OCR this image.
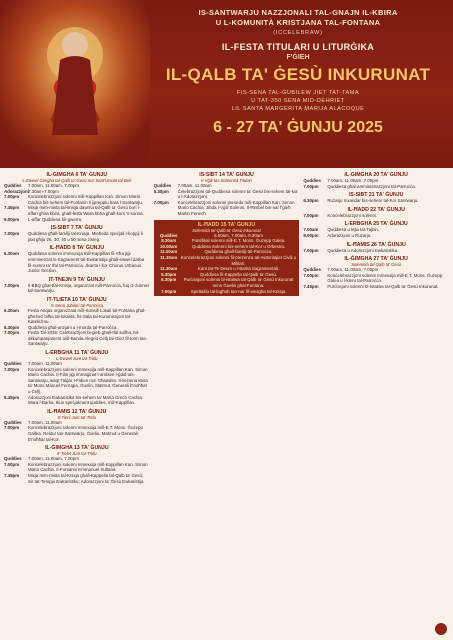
IS-SANTWARJU NAZZJONALI TAL-GNAJN IL-KBIRA
U L-KOMUNITÀ KRISTJANA TAL-FONTANA
(ICCELEBRAW)
IL-FESTA TITULARI U LITURĠIKA
F'ĠIEH
IL-QALB TA' ĠESÙ INKURUNAT
FIS-SENA TAL-ĠUBILEW JIET TAT-TAMA
U TAT-350 SENA MID-DEHRIET
LIL SANTA MARGERITA MARIJA ALACOQUE
6 - 27 TA' ĠUNJU 2025
IL-ĠIMGHA 6 TA' ĠUNJU
L-Ewwel Ġimgha tal-Qalb ta' Ġesù ma' Sant'Ursula tal-Belt
Quddies	7.00am, 11.00am, 7.00pm
Adorazzjoni 7.30am-7.00pm
7.00pm	Konċelebrazzjoni solenni mill-Kappillan Kan. Simon Mario Cachia bis-sehem tal-Fontanin li jiprepplu bara l-Santwarju.
7.45pm	Mixja mim-mista tal-knisja dawrna tal-Qalb ta' Ġesù bori l-affari għira kbira, ghall-festa Wara bbha ghall-kors 's-sunna.
9.00pm	L-affar Quddiesa bil-gwerra.
IS-SIBT 7 TA' ĠUNJU
7.00pm	Quddiesa għall-familji tal-Knisja. Mieħeda speċjali l-koppji li jaxt għiju 25, 30, 40 u 50 sena żwieġ.
IL-ĦADD 8 TA' ĠUNJU
6.30am	Quddiesa solenni immexxija mill-Kappillan fil-Sfra jiġi emminenzat is-Sagrament tal-Ewkaristija ghall-ewwel darba fil-numru ta' tfal tal-Parroċċa. Jkanta l-kor Chorus Urbanus Junior Section.
IT-TNEJN 9 TA' ĠUNJU
7.00pm	Il-BBQ ghal-tfal-Knisja, organizzat mill-Parroċċa, fuq iż-żunnier tal-Santwarju.
IT-TLIETA 10 TA' ĠUNJU
Is-Sena Jubilari tal-Parroċċa
6.30am	Festa Anqas organizzata mill-Kunsill Lokali tal-Fontana għal-għeżież bilħa tal-lokalità, fis-Sala tal-Kummissjoni tal-Katekiżmu.
6.30pm	Quddiesa għal-anzjani u l-morda tal-Parroċċa.
7.00pm	Festa Tal-2025: Ċelebrazzjoni bi-ġieb ghall-tfal kollha, bil-akkumpanjament mill-Banda Alegrio Cellj tal-Gleż fil-tonn tas-Santwarju.
L-ERBGHA 11 TA' ĠUNJU
L-Ewwel Jum tat-Tridu
Quddies	7.00am, 11.00am
7.00pm	Konċelebrazzjoni solenni mmexxija mill-Kappillan Kan. Simon Mario Cachia. Il-Film jiġi immaġinat l-ambien l-ġdid tas-Santwarju, waqt Talġar I-Fidien ma' Għawdex. Il-lieżiena kbira ta' Mons Manuel Ferrugia, Ġuelin, Matmut, Ġenerali b'noħħat u Ċellj.
8.45pm	Adorazzjoni Ewkaristika bis-sehem ta' Maria Grech Cachia. Wara l-Barka, tkun speċjalment quddies, mill-Kappillan.
IL-ĦAMIS 12 TA' ĠUNJU
It-Tieni Jum tat-Tridu
Quddies	7.00am, 11.00am
7.00pm	Konċelebrazzjoni solenni mmexxija mill-E.T. Mons. Ġużepp Gallea. Rektur tas-Santwarju, Ġuelin, Matmut u Ġenerali b'noħħat tal-Kor.
IL-ĠIMGHA 13 TA' ĠUNJU
It-Tielet Jum tat-Tridu
Quddies	7.00am, 11.00am, 7.00pm
7.00pm	Konċelebrazzjoni solenni mmexxija mill-Kappillan Kan. Simon Mario Cachia. Il-Fontanin Emmanuel Sultana.
7.45pm	Mixja mim-mista tal-Knisja ghall-Kappella tal-Qalb ta' Ġesù; Sir tat-Tempju Ewkaristiku; Adorazzjoni ta' Ġesù Ewkaristija.
IS-SIBT 14 TA' ĠUNJU
Il-Vġili tas-Solennità Titulari
Quddies	7.00am, 11.00am
6.30pm	Ċelebrazzjoni tal-Quddiesa solenni ta' Ġesù bis-sehem tal-kor u l-Adorazzjoni.
7.00pm	Konċelebrazzjoni solenni presedu mill-Kappillan Kan. Simon Mario Cachia. Jibda l-Vġili Solenni, Il-Ħimbel bin-nar f'ġieħ Martin Fenech.
IL-ĦADD 15 TA' ĠUNJU
Solennità tal-Qalb ta' Ġesù Inkurunat
Quddies	6.00am, 7.00am, 8.30am
8.30am	Pontifikal solenni mill-E.T. Mons. Ġużepp Galea.
10.00am	Quddiesa Solenni bis-sehem tal-Kor u Orkestra.
11.00am	Quddiesa ghall-familji tal-Parroċċa.
11.15am Konċelebrazzjoni solenni fil-preżenza tal-Awtoritajiet Ċivili u Militari.
11.30am	Kant tat-Te Deum u l-Barka Sagramentali.
5.30pm	Quddiesa fil-Kappella tal-Qalb ta' Ġesù.
6.30pm	Purċissjoni solenni bl-istatwa tal-Qalb ta' Ġesù Inkurunat minn Ġuelin ghal-Fontana.
7.00pm	Spettaklu tal-logħob tan-nar fil-wesgħa tal-Knisja.
IL-ĠIMGHA 20 TA' ĠUNJU
Quddies	7.00am, 11.00am, 7.00pm
7.00pm	Quddiesa ghal-amministrazzjoni tal-Parroċċa.
IS-SIBT 21 TA' ĠUNJU
6.30pm	Rużarju mxandar bis-sehem tal-Kor Santwarju.
IL-ĦADD 22 TA' ĠUNJU
7.00pm	Konċelebrazzjoni solenni.
L-ERBGHA 25 TA' ĠUNJU
7.00am	Quddiesa u lejla tat-Tajbin.
8.00pm	Adorazzjoni u Rużarju.
IL-ĦAMIS 26 TA' ĠUNJU
7.00pm	Quddiesa u Adorazzjoni Ewkaristika.
IL-ĠIMGHA 27 TA' ĠUNJU
Solennità tal-Qalb ta' Ġesù
Quddies	7.00am, 11.00am, 7.00pm
7.00pm	Konċelebrazzjoni solenni mmexxija mill-E.T. Mons. Ġużepp Galea u l-kleru tal-Parroċċa.
7.45pm	Purċissjoni solenni bl-Istatwa tal-Qalb ta' Ġesù Inkurunat.
